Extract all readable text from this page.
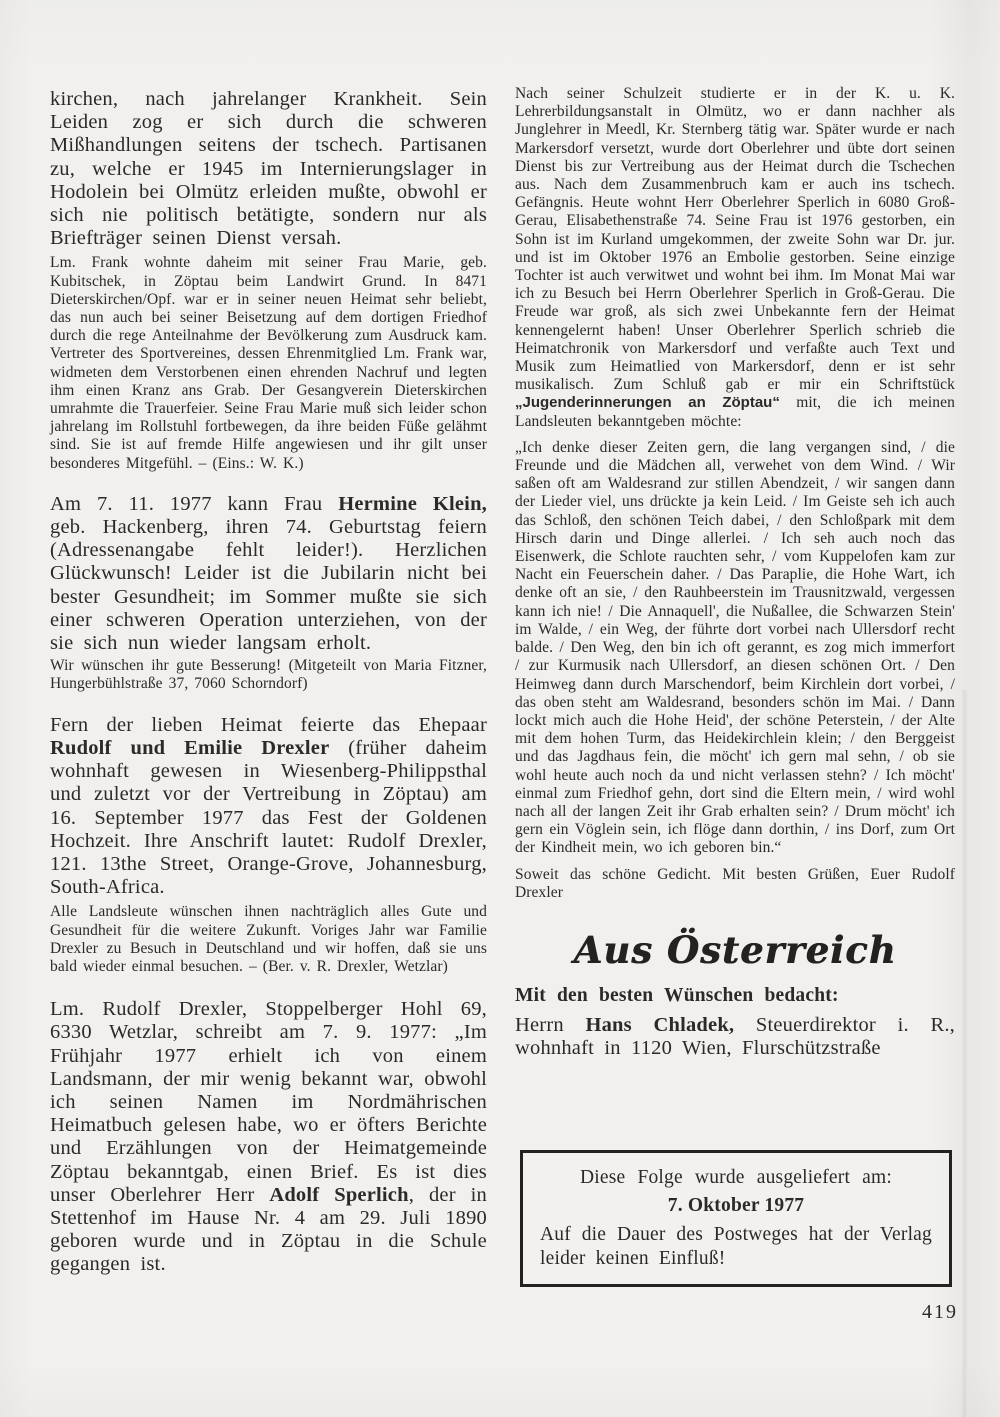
kirchen, nach jahrelanger Krankheit. Sein Leiden zog er sich durch die schweren Mißhandlungen seitens der tschech. Partisanen zu, welche er 1945 im Internierungslager in Hodolein bei Olmütz erleiden mußte, obwohl er sich nie politisch betätigte, sondern nur als Briefträger seinen Dienst versah.

Lm. Frank wohnte daheim mit seiner Frau Marie, geb. Kubitschek, in Zöptau beim Landwirt Grund. In 8471 Dieterskirchen/Opf. war er in seiner neuen Heimat sehr beliebt, das nun auch bei seiner Beisetzung auf dem dortigen Friedhof durch die rege Anteilnahme der Bevölkerung zum Ausdruck kam. Vertreter des Sportvereines, dessen Ehrenmitglied Lm. Frank war, widmeten dem Verstorbenen einen ehrenden Nachruf und legten ihm einen Kranz ans Grab. Der Gesangverein Dieterskirchen umrahmte die Trauerfeier. Seine Frau Marie muß sich leider schon jahrelang im Rollstuhl fortbewegen, da ihre beiden Füße gelähmt sind. Sie ist auf fremde Hilfe angewiesen und ihr gilt unser besonderes Mitgefühl. – (Eins.: W. K.)

Am 7. 11. 1977 kann Frau Hermine Klein, geb. Hackenberg, ihren 74. Geburtstag feiern (Adressenangabe fehlt leider!). Herzlichen Glückwunsch! Leider ist die Jubilarin nicht bei bester Gesundheit; im Sommer mußte sie sich einer schweren Operation unterziehen, von der sie sich nun wieder langsam erholt.

Wir wünschen ihr gute Besserung! (Mitgeteilt von Maria Fitzner, Hungerbühlstraße 37, 7060 Schorndorf)

Fern der lieben Heimat feierte das Ehepaar Rudolf und Emilie Drexler (früher daheim wohnhaft gewesen in Wiesenberg-Philippsthal und zuletzt vor der Vertreibung in Zöptau) am 16. September 1977 das Fest der Goldenen Hochzeit. Ihre Anschrift lautet: Rudolf Drexler, 121. 13the Street, Orange-Grove, Johannesburg, South-Africa.

Alle Landsleute wünschen ihnen nachträglich alles Gute und Gesundheit für die weitere Zukunft. Voriges Jahr war Familie Drexler zu Besuch in Deutschland und wir hoffen, daß sie uns bald wieder einmal besuchen. – (Ber. v. R. Drexler, Wetzlar)

Lm. Rudolf Drexler, Stoppelberger Hohl 69, 6330 Wetzlar, schreibt am 7. 9. 1977: „Im Frühjahr 1977 erhielt ich von einem Landsmann, der mir wenig bekannt war, obwohl ich seinen Namen im Nordmährischen Heimatbuch gelesen habe, wo er öfters Berichte und Erzählungen von der Heimatgemeinde Zöptau bekanntgab, einen Brief. Es ist dies unser Oberlehrer Herr Adolf Sperlich, der in Stettenhof im Hause Nr. 4 am 29. Juli 1890 geboren wurde und in Zöptau in die Schule gegangen ist.

Nach seiner Schulzeit studierte er in der K. u. K. Lehrerbildungsanstalt in Olmütz, wo er dann nachher als Junglehrer in Meedl, Kr. Sternberg tätig war. Später wurde er nach Markersdorf versetzt, wurde dort Oberlehrer und übte dort seinen Dienst bis zur Vertreibung aus der Heimat durch die Tschechen aus. Nach dem Zusammenbruch kam er auch ins tschech. Gefängnis. Heute wohnt Herr Oberlehrer Sperlich in 6080 Groß-Gerau, Elisabethenstraße 74. Seine Frau ist 1976 gestorben, ein Sohn ist im Kurland umgekommen, der zweite Sohn war Dr. jur. und ist im Oktober 1976 an Embolie gestorben. Seine einzige Tochter ist auch verwitwet und wohnt bei ihm. Im Monat Mai war ich zu Besuch bei Herrn Oberlehrer Sperlich in Groß-Gerau. Die Freude war groß, als sich zwei Unbekannte fern der Heimat kennengelernt haben! Unser Oberlehrer Sperlich schrieb die Heimatchronik von Markersdorf und verfaßte auch Text und Musik zum Heimatlied von Markersdorf, denn er ist sehr musikalisch. Zum Schluß gab er mir ein Schriftstück „Jugenderinnerungen an Zöptau“ mit, die ich meinen Landsleuten bekanntgeben möchte:

„Ich denke dieser Zeiten gern, die lang vergangen sind, / die Freunde und die Mädchen all, verwehet von dem Wind. / Wir saßen oft am Waldesrand zur stillen Abendzeit, / wir sangen dann der Lieder viel, uns drückte ja kein Leid. / Im Geiste seh ich auch das Schloß, den schönen Teich dabei, / den Schloßpark mit dem Hirsch darin und Dinge allerlei. / Ich seh auch noch das Eisenwerk, die Schlote rauchten sehr, / vom Kuppelofen kam zur Nacht ein Feuerschein daher. / Das Paraplie, die Hohe Wart, ich denke oft an sie, / den Rauhbeerstein im Trausnitzwald, vergessen kann ich nie! / Die Annaquell', die Nußallee, die Schwarzen Stein' im Walde, / ein Weg, der führte dort vorbei nach Ullersdorf recht balde. / Den Weg, den bin ich oft gerannt, es zog mich immerfort / zur Kurmusik nach Ullersdorf, an diesen schönen Ort. / Den Heimweg dann durch Marschendorf, beim Kirchlein dort vorbei, / das oben steht am Waldesrand, besonders schön im Mai. / Dann lockt mich auch die Hohe Heid', der schöne Peterstein, / der Alte mit dem hohen Turm, das Heidekirchlein klein; / den Berggeist und das Jagdhaus fein, die möcht' ich gern mal sehn, / ob sie wohl heute auch noch da und nicht verlassen stehn? / Ich möcht' einmal zum Friedhof gehn, dort sind die Eltern mein, / wird wohl nach all der langen Zeit ihr Grab erhalten sein? / Drum möcht' ich gern ein Vöglein sein, ich flöge dann dorthin, / ins Dorf, zum Ort der Kindheit mein, wo ich geboren bin.“

Soweit das schöne Gedicht. Mit besten Grüßen, Euer Rudolf Drexler

Aus Österreich

Mit den besten Wünschen bedacht:

Herrn Hans Chladek, Steuerdirektor i. R., wohnhaft in 1120 Wien, Flurschützstraße

Diese Folge wurde ausgeliefert am:

7. Oktober 1977

Auf die Dauer des Postweges hat der Verlag leider keinen Einfluß!

419
